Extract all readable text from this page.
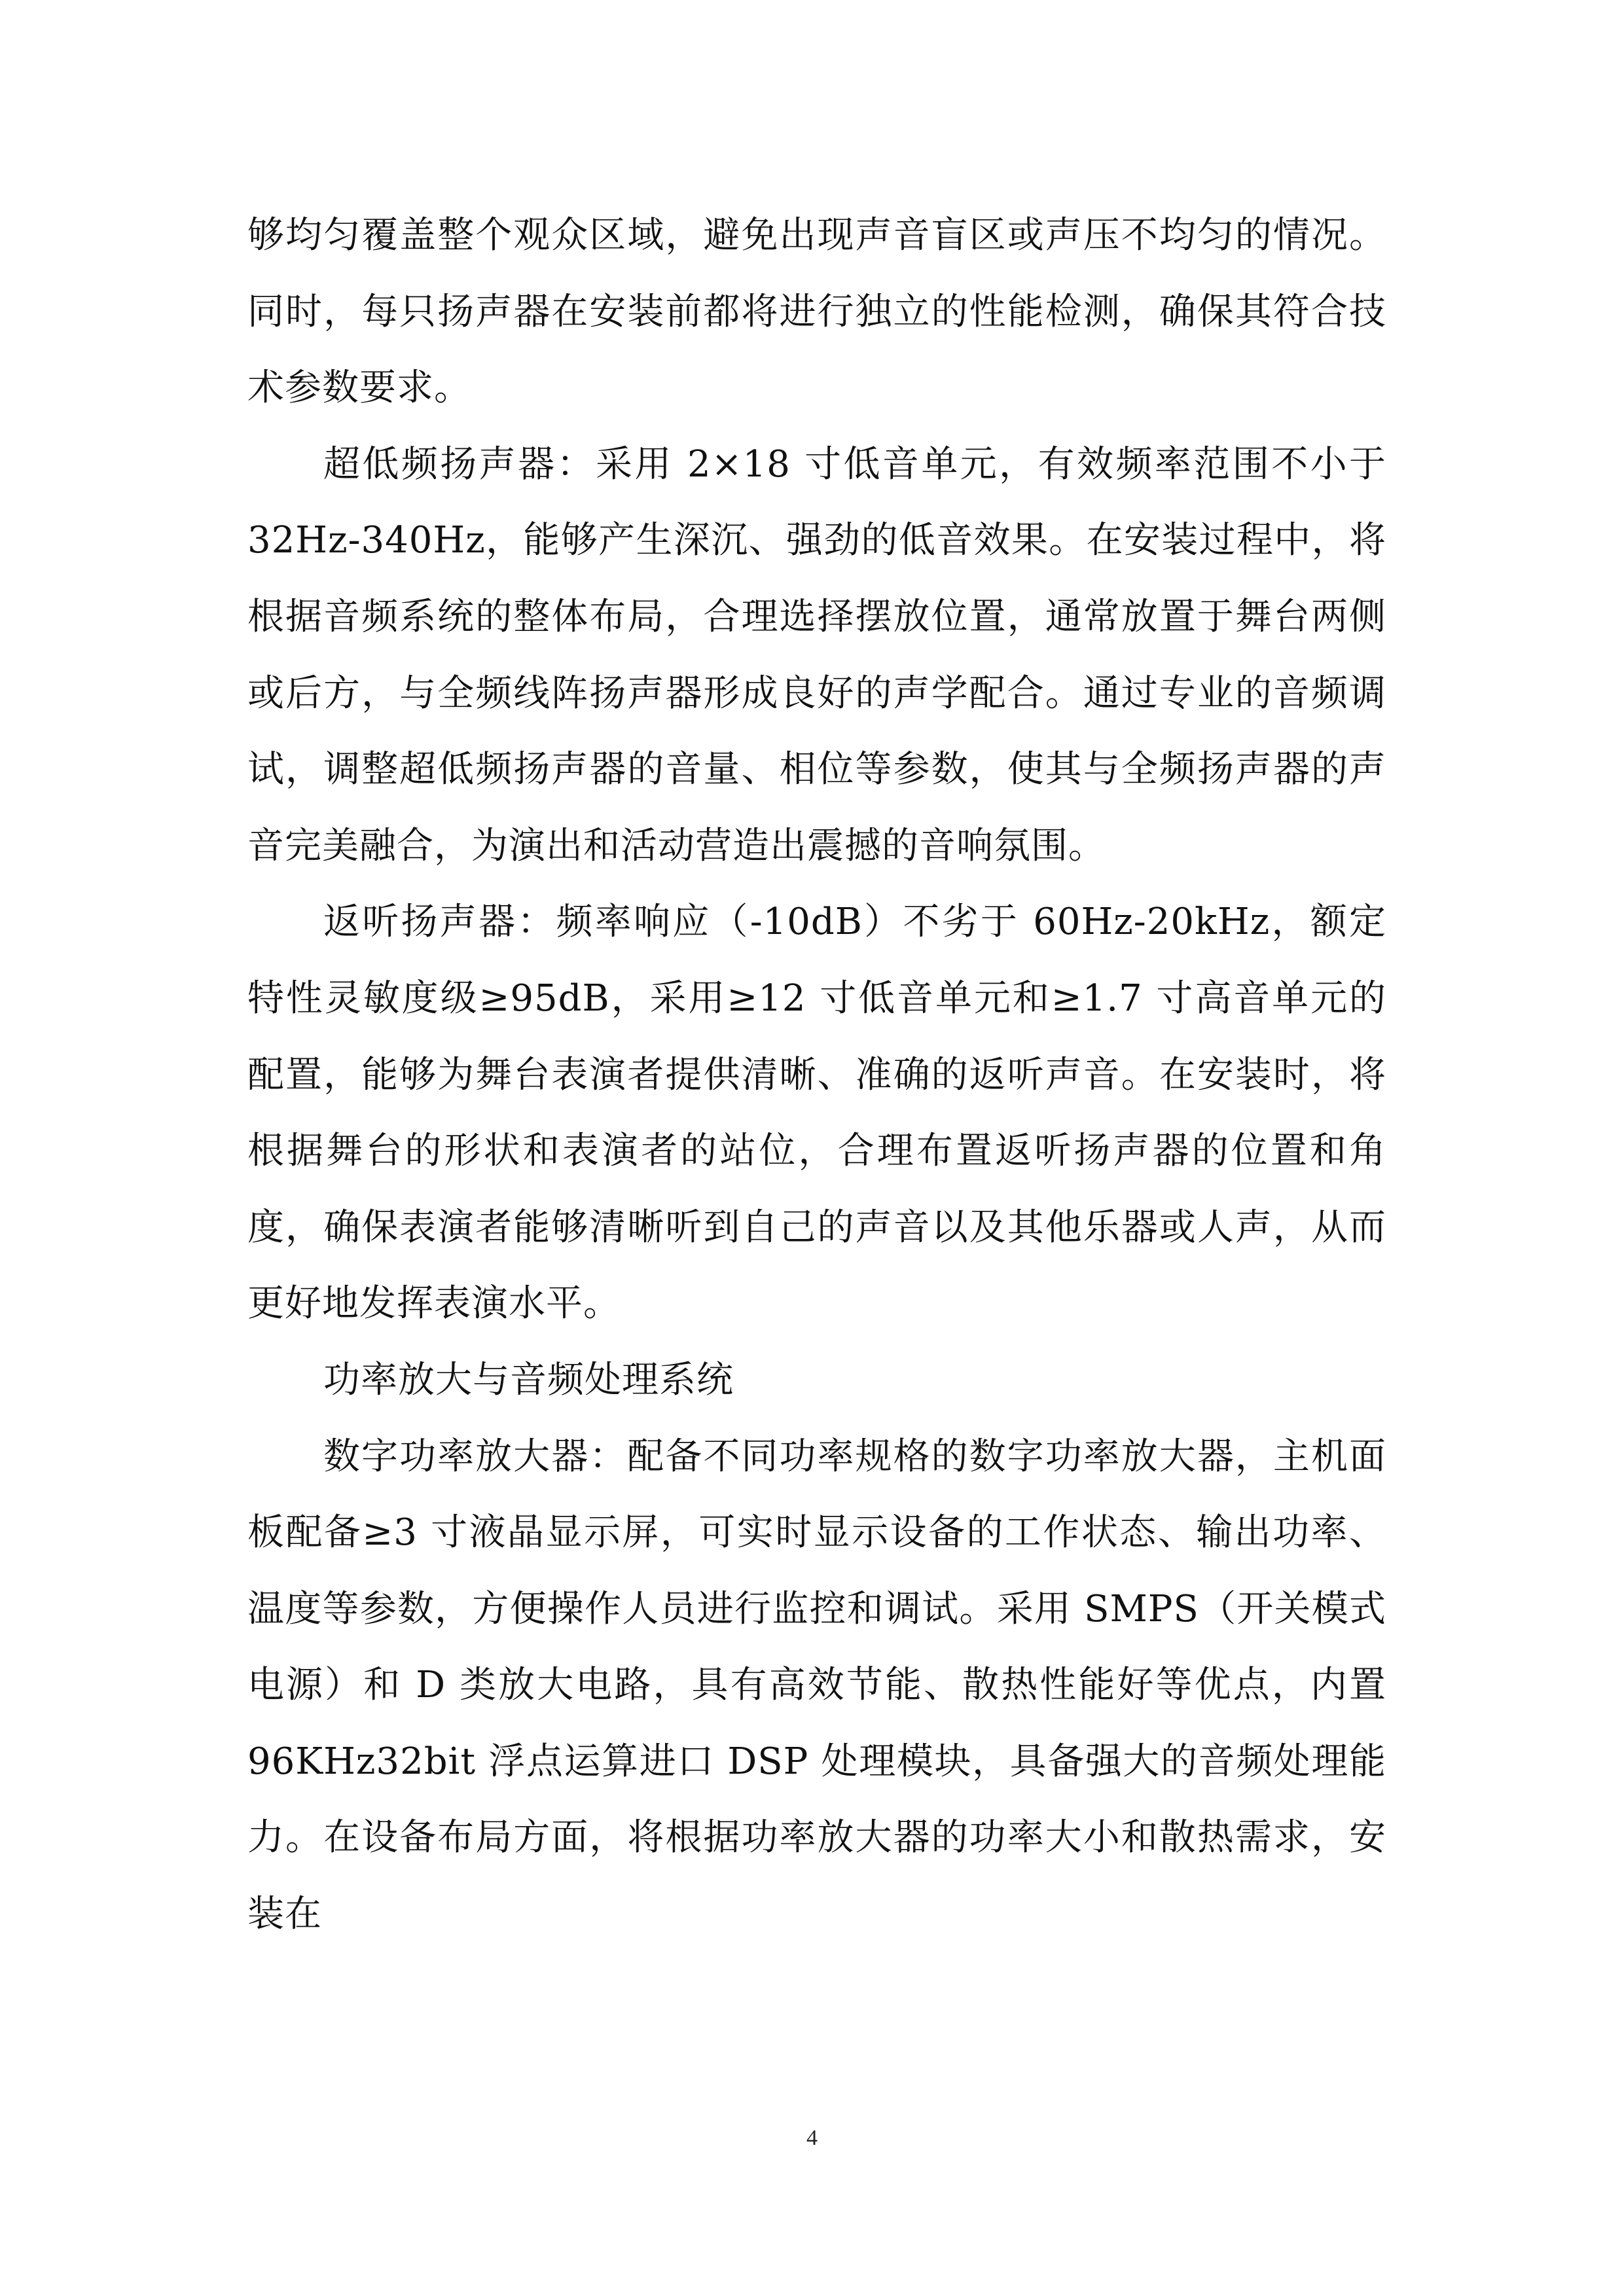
够均匀覆盖整个观众区域，避免出现声音盲区或声压不均匀的情况。同时，每只扬声器在安装前都将进行独立的性能检测，确保其符合技术参数要求。

超低频扬声器：采用 2×18 寸低音单元，有效频率范围不小于 32Hz-340Hz，能够产生深沉、强劲的低音效果。在安装过程中，将根据音频系统的整体布局，合理选择摆放位置，通常放置于舞台两侧或后方，与全频线阵扬声器形成良好的声学配合。通过专业的音频调试，调整超低频扬声器的音量、相位等参数，使其与全频扬声器的声音完美融合，为演出和活动营造出震撼的音响氛围。

返听扬声器：频率响应（-10dB）不劣于 60Hz-20kHz，额定特性灵敏度级≥95dB，采用≥12 寸低音单元和≥1.7 寸高音单元的配置，能够为舞台表演者提供清晰、准确的返听声音。在安装时，将根据舞台的形状和表演者的站位，合理布置返听扬声器的位置和角度，确保表演者能够清晰听到自己的声音以及其他乐器或人声，从而更好地发挥表演水平。

功率放大与音频处理系统

数字功率放大器：配备不同功率规格的数字功率放大器，主机面板配备≥3 寸液晶显示屏，可实时显示设备的工作状态、输出功率、温度等参数，方便操作人员进行监控和调试。采用 SMPS（开关模式电源）和 D 类放大电路，具有高效节能、散热性能好等优点，内置 96KHz32bit 浮点运算进口 DSP 处理模块，具备强大的音频处理能力。在设备布局方面，将根据功率放大器的功率大小和散热需求，安装在

4
